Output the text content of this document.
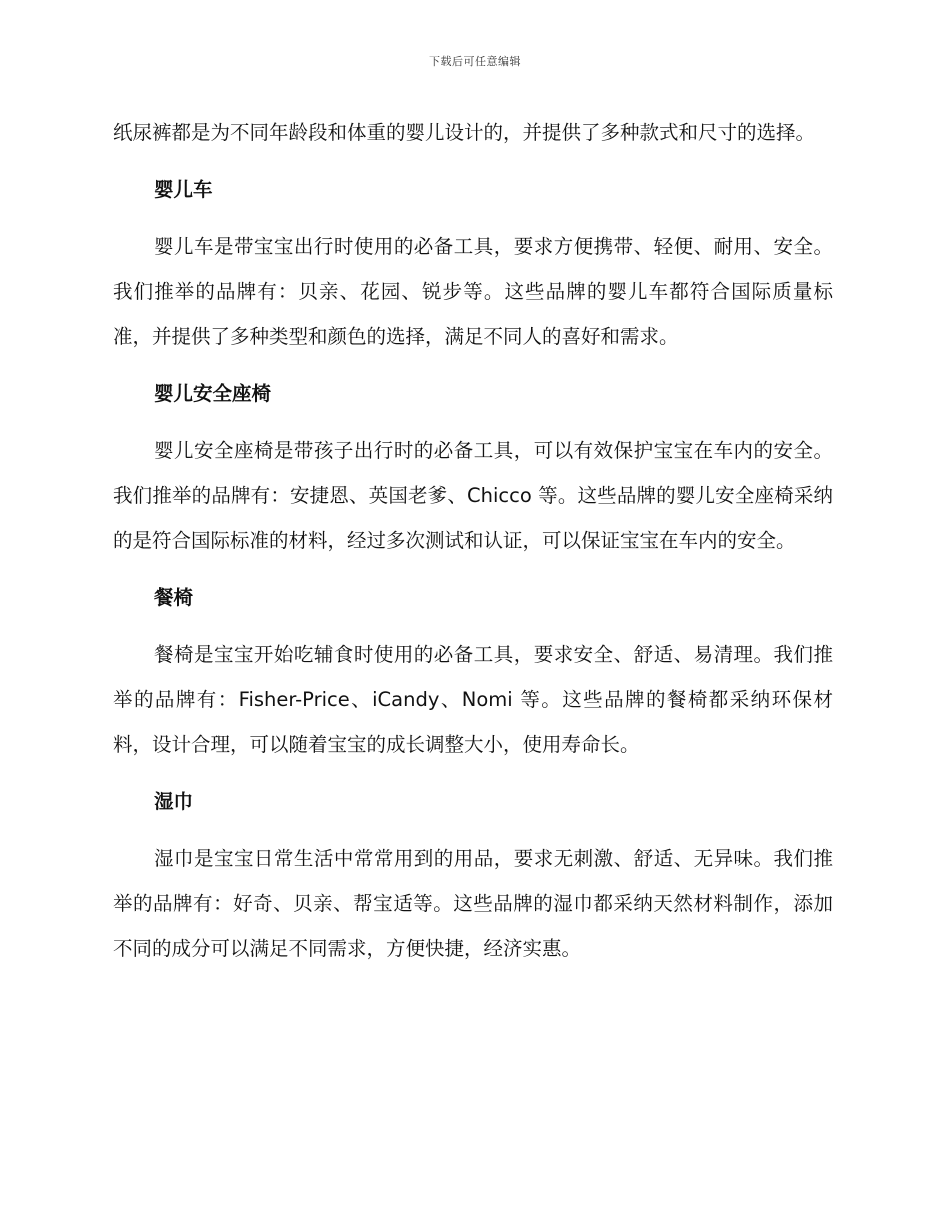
下载后可任意编辑

纸尿裤都是为不同年龄段和体重的婴儿设计的，并提供了多种款式和尺寸的选择。

婴儿车

婴儿车是带宝宝出行时使用的必备工具，要求方便携带、轻便、耐用、安全。我们推举的品牌有：贝亲、花园、锐步等。这些品牌的婴儿车都符合国际质量标准，并提供了多种类型和颜色的选择，满足不同人的喜好和需求。

婴儿安全座椅

婴儿安全座椅是带孩子出行时的必备工具，可以有效保护宝宝在车内的安全。我们推举的品牌有：安捷恩、英国老爹、Chicco 等。这些品牌的婴儿安全座椅采纳的是符合国际标准的材料，经过多次测试和认证，可以保证宝宝在车内的安全。

餐椅

餐椅是宝宝开始吃辅食时使用的必备工具，要求安全、舒适、易清理。我们推举的品牌有：Fisher-Price、iCandy、Nomi 等。这些品牌的餐椅都采纳环保材料，设计合理，可以随着宝宝的成长调整大小，使用寿命长。

湿巾

湿巾是宝宝日常生活中常常用到的用品，要求无刺激、舒适、无异味。我们推举的品牌有：好奇、贝亲、帮宝适等。这些品牌的湿巾都采纳天然材料制作，添加不同的成分可以满足不同需求，方便快捷，经济实惠。
